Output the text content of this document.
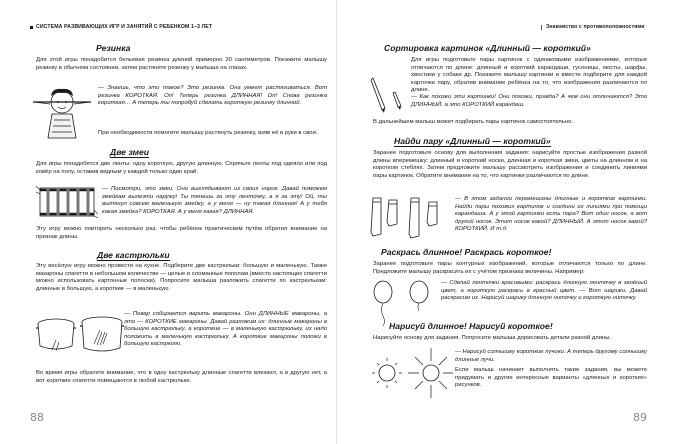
СИСТЕМА РАЗВИВАЮЩИХ ИГР И ЗАНЯТИЙ С РЕБЕНКОМ 1–3 ЛЕТ
Резинка

Для этой игры понадобится бельевая резинка длиной примерно 20 сантиметров. Покажите малышу резинку в обычном состоянии, затем растяните резинку у малыша на глазах.

— Знаешь, что это такое? Это резинка. Она умеет растягиваться. Вот резинка КОРОТКАЯ. Оп! Теперь резинка ДЛИННАЯ! Оп! Снова резинка короткая… А теперь ты попробуй сделать короткую резинку длинной.

При необходимости помогите малышу растянуть резинку, взяв её в руки в свои.

Две змеи

Для игры понадобятся две ленты: одну короткую, другую длинную. Спрячьте ленты под одеяло или под ковёр на полу, оставив видным у каждой только один край.

— Посмотри, это змеи. Они выглядывают из своих норок. Давай поможем змейкам вылезти наружу! Ты тянешь за эту ленточку, а я за эту! Ой, ты вытянул совсем маленькую змейку, а у меня — ну такая длинная! А у тебя какая змейка? КОРОТКАЯ. А у меня какая? ДЛИННАЯ.

Эту игру можно повторить несколько раз, чтобы ребёнок практическим путём обратил внимание на признак длины.

Две кастрюльки

Эту весёлую игру можно провести на кухне. Подберите две кастрюльки: большую и маленькую. Также макароны спагетти в небольшом количестве — целые и сломанные пополам (вместо настоящих спагетти можно использовать картонные полоски). Попросите малыша разложить спагетти по кастрюлькам: длинные в большую, а короткие — в маленькую.

— Повар собирается варить макароны. Они ДЛИННЫЕ макароны, а это — КОРОТКИЕ макароны. Давай разложим их: длинные макароны в большую кастрюльку, а короткие — в маленькую кастрюльку, их надо положить в маленькую кастрюльку. А короткие макароны положи в большую кастрюлю.

Во время игры обратите внимание, что в одну кастрюльку длинные спагетти влезают, а в другую нет, а вот короткие спагетти помещаются в любой кастрюльке.

88
Знакомство с противоположностями
Сортировка картинок «Длинный — короткий»

Для игры подготовьте пары картинок с одинаковыми изображениями, которые отличаются по длине: длинный и короткий карандаши, гусеницы, мосты, шарфы, хвостики у собаки др. Покажите малышу картинки и вместе подберите для каждой карточки пару, обратив внимание ребёнка на то, что изображения различаются по длине.

— Как похожи эти картинки! Они похожи, правда? А чем они отличаются? Это ДЛИННЫЙ, а это КОРОТКИЙ карандаш.

В дальнейшем малыш может подбирать пары картинок самостоятельно.

Найди пару «Длинный — короткий»

Заранее подготовьте основу для выполнения задания: нарисуйте простые изображения разной длины вперемешку: длинный и короткий носки, длинная и короткая змеи, цветы на длинном и на коротком стеблях. Затем предложите малышу рассмотреть изображения и соединить линиями пары картинок. Обратите внимание на то, что картинки различаются по длине.

— В этом задании перемешаны длинные и короткие картинки. Найди пары похожих картинок и соедини их линиями при помощи карандаша. А у этой картинки есть пара? Вот один носок, а вот другой носок. Этот носок какой? ДЛИННЫЙ. А этот носок какой? КОРОТКИЙ. И т.д.

Раскрась длинное! Раскрась короткое!

Заранее подготовьте пары контурных изображений, которые отличаются только по длине. Предложите малышу раскрасить их с учётом признака величины. Например:

— Сделай ленточки красивыми: раскрась длинную ленточку в зелёный цвет, а короткую раскрась в красный цвет. — Вот шарики. Давай раскрасим их. Нарисуй шарику длинную ниточку и короткую ниточку.

Нарисуй длинное! Нарисуй короткое!

Нарисуйте основу для задания. Попросите малыша дорисовать детали разной длины.

— Нарисуй солнышку короткие лучики. А теперь другому солнышку длинные лучи.

Если малыш начинает выполнять такие задания, вы можете придумать и другие интересные варианты «длинных и коротких» рисунков.

89
